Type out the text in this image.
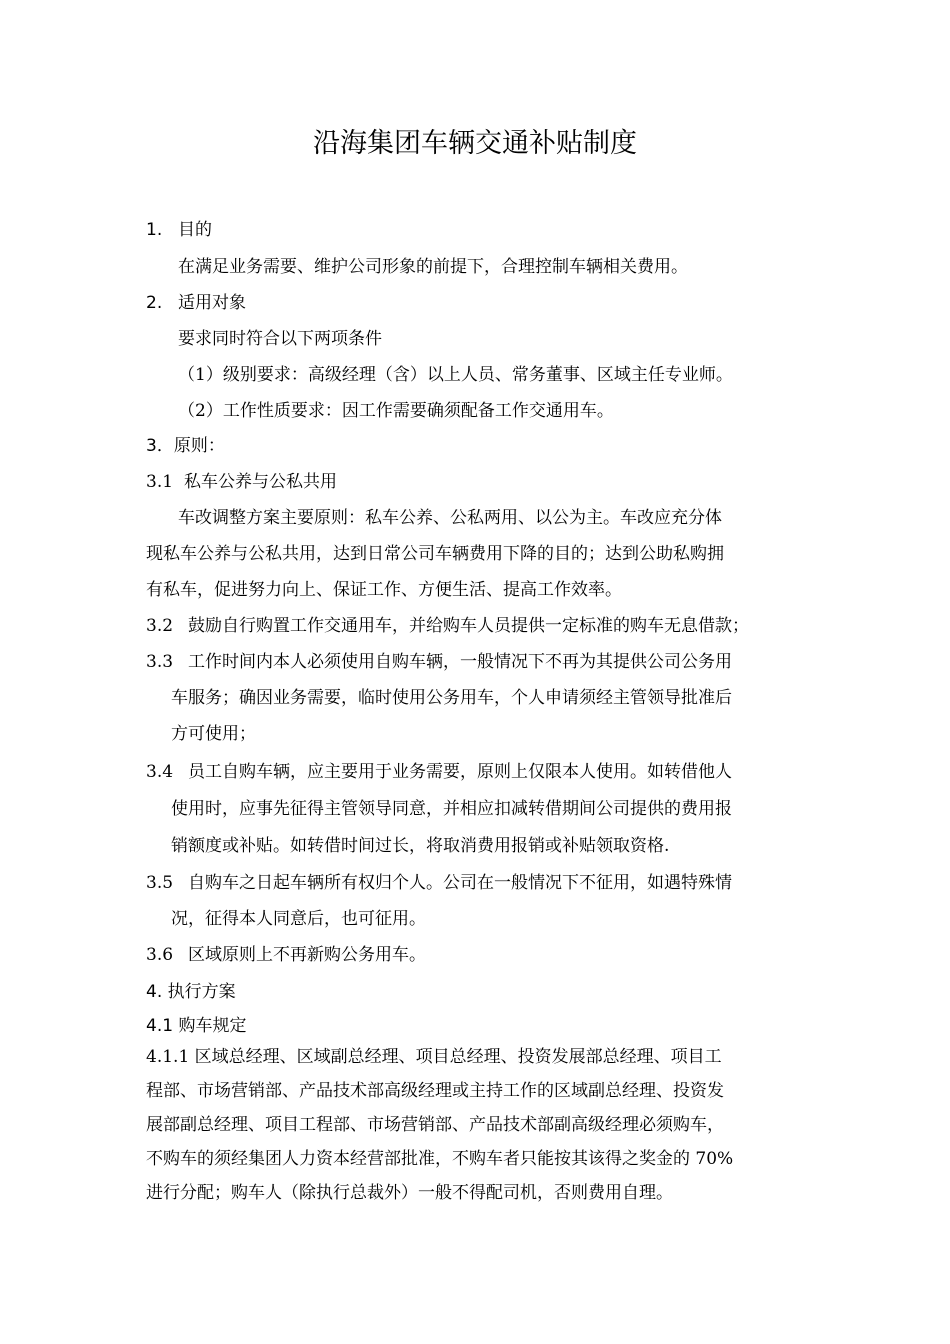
沿海集团车辆交通补贴制度
1. 目的
在满足业务需要、维护公司形象的前提下，合理控制车辆相关费用。
2. 适用对象
要求同时符合以下两项条件
（1）级别要求：高级经理（含）以上人员、常务董事、区域主任专业师。
（2）工作性质要求：因工作需要确须配备工作交通用车。
3．原则：
3.1 私车公养与公私共用
车改调整方案主要原则：私车公养、公私两用、以公为主。车改应充分体
现私车公养与公私共用，达到日常公司车辆费用下降的目的；达到公助私购拥
有私车，促进努力向上、保证工作、方便生活、提高工作效率。
3.2 鼓励自行购置工作交通用车，并给购车人员提供一定标准的购车无息借款；
3.3 工作时间内本人必须使用自购车辆，一般情况下不再为其提供公司公务用
车服务；确因业务需要，临时使用公务用车，个人申请须经主管领导批准后
方可使用；
3.4 员工自购车辆，应主要用于业务需要，原则上仅限本人使用。如转借他人
使用时，应事先征得主管领导同意，并相应扣减转借期间公司提供的费用报
销额度或补贴。如转借时间过长，将取消费用报销或补贴领取资格.
3.5 自购车之日起车辆所有权归个人。公司在一般情况下不征用，如遇特殊情
况，征得本人同意后，也可征用。
3.6 区域原则上不再新购公务用车。
4. 执行方案
4.1 购车规定
4.1.1 区域总经理、区域副总经理、项目总经理、投资发展部总经理、项目工
程部、市场营销部、产品技术部高级经理或主持工作的区域副总经理、投资发
展部副总经理、项目工程部、市场营销部、产品技术部副高级经理必须购车，
不购车的须经集团人力资本经营部批准，不购车者只能按其该得之奖金的 70%
进行分配；购车人（除执行总裁外）一般不得配司机，否则费用自理。
